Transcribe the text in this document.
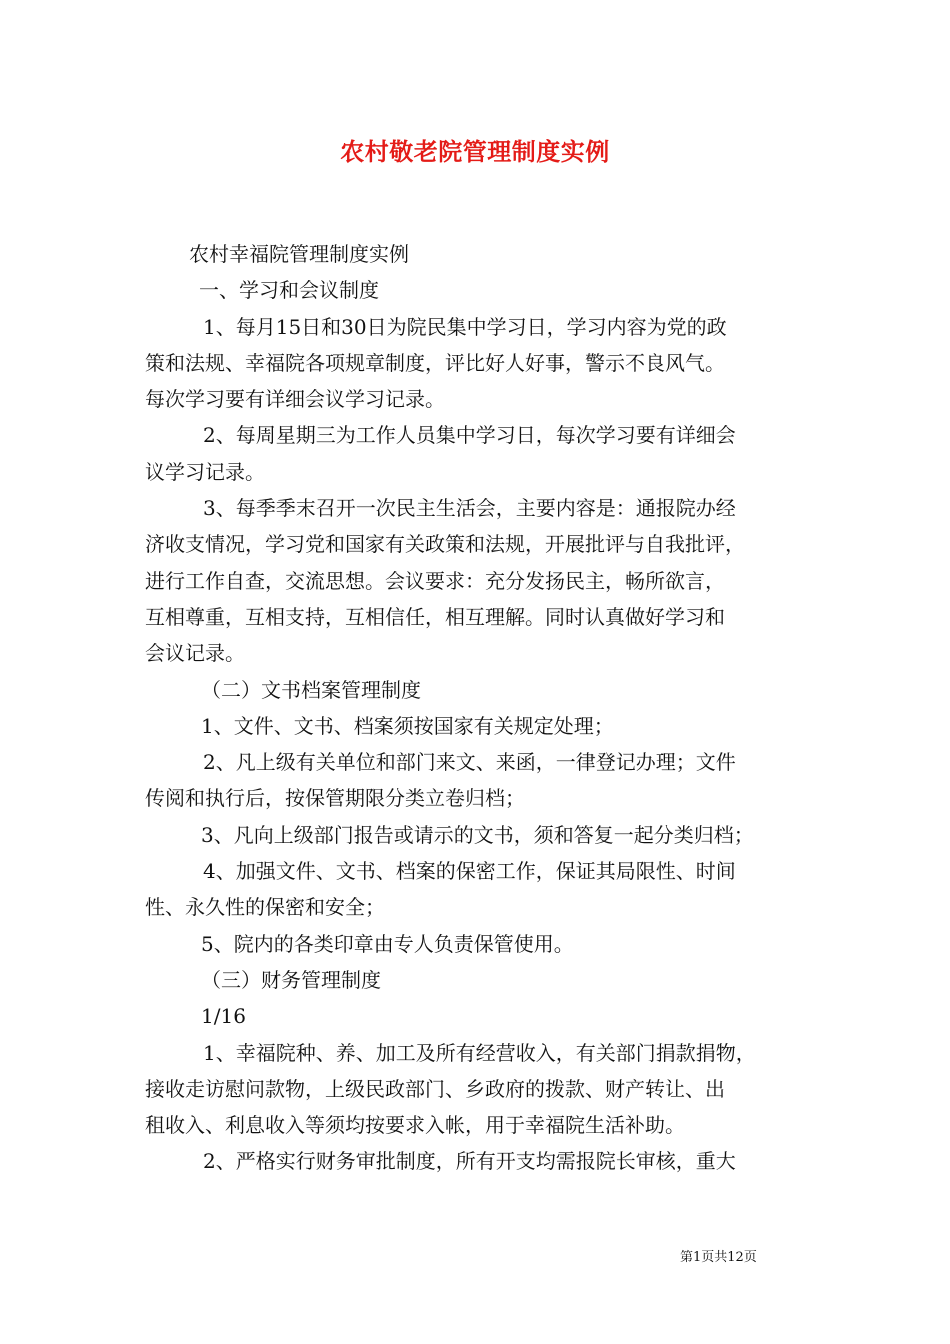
农村敬老院管理制度实例

农村幸福院管理制度实例

一、学习和会议制度

1、每月15日和30日为院民集中学习日，学习内容为党的政

策和法规、幸福院各项规章制度，评比好人好事，警示不良风气。

每次学习要有详细会议学习记录。

2、每周星期三为工作人员集中学习日，每次学习要有详细会

议学习记录。

3、每季季末召开一次民主生活会，主要内容是：通报院办经

济收支情况，学习党和国家有关政策和法规，开展批评与自我批评，

进行工作自查，交流思想。会议要求：充分发扬民主，畅所欲言，

互相尊重，互相支持，互相信任，相互理解。同时认真做好学习和

会议记录。

（二）文书档案管理制度

1、文件、文书、档案须按国家有关规定处理；

2、凡上级有关单位和部门来文、来函，一律登记办理；文件

传阅和执行后，按保管期限分类立卷归档；

3、凡向上级部门报告或请示的文书，须和答复一起分类归档；

4、加强文件、文书、档案的保密工作，保证其局限性、时间

性、永久性的保密和安全；

5、院内的各类印章由专人负责保管使用。

（三）财务管理制度

1/16

1、幸福院种、养、加工及所有经营收入，有关部门捐款捐物，

接收走访慰问款物，上级民政部门、乡政府的拨款、财产转让、出

租收入、利息收入等须均按要求入帐，用于幸福院生活补助。

2、严格实行财务审批制度，所有开支均需报院长审核，重大

第1页共12页
